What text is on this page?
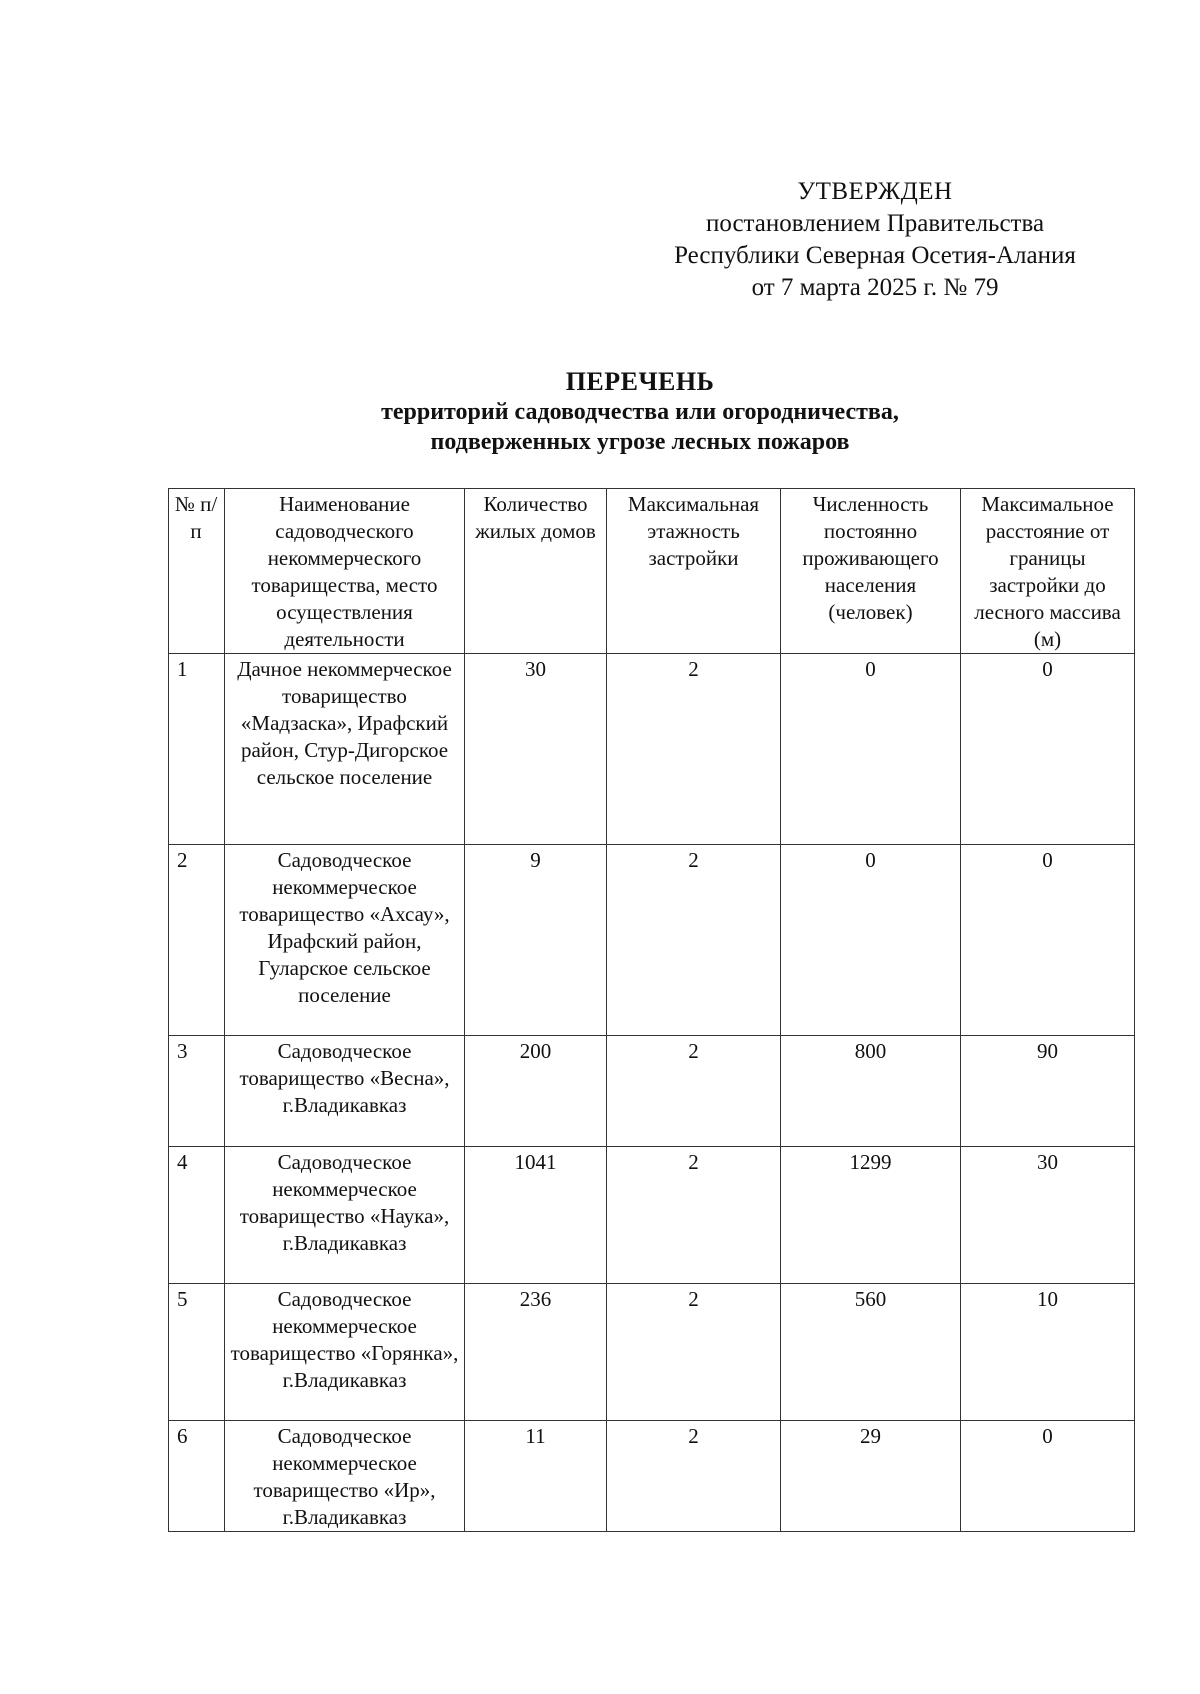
УТВЕРЖДЕН
постановлением Правительства
Республики Северная Осетия-Алания
от 7 марта 2025 г. № 79
ПЕРЕЧЕНЬ
территорий садоводчества или огородничества,
подверженных угрозе лесных пожаров
№ п/п	Наименование садоводческого некоммерческого товарищества, место осуществления деятельности	Количество жилых домов	Максимальная этажность застройки	Численность постоянно проживающего населения (человек)	Максимальное расстояние от границы застройки до лесного массива (м)
1	Дачное некоммерческое товарищество «Мадзаска», Ирафский район, Стур-Дигорское сельское поселение	30	2	0	0
2	Садоводческое некоммерческое товарищество «Ахсау», Ирафский район, Гуларское сельское поселение	9	2	0	0
3	Садоводческое товарищество «Весна», г.Владикавказ	200	2	800	90
4	Садоводческое некоммерческое товарищество «Наука», г.Владикавказ	1041	2	1299	30
5	Садоводческое некоммерческое товарищество «Горянка», г.Владикавказ	236	2	560	10
6	Садоводческое некоммерческое товарищество «Ир», г.Владикавказ	11	2	29	0
